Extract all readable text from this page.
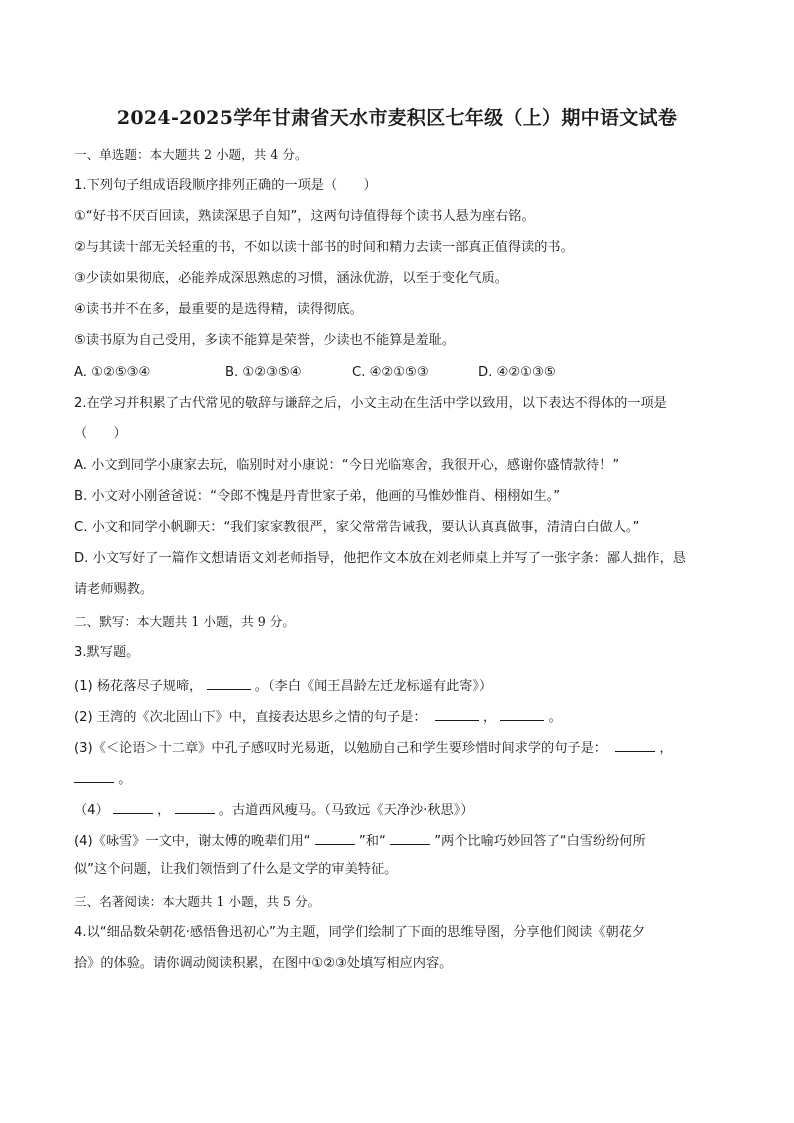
2024-2025学年甘肃省天水市麦积区七年级（上）期中语文试卷
一、单选题：本大题共 2 小题，共 4 分。
1.下列句子组成语段顺序排列正确的一项是（　　）
①“好书不厌百回读，熟读深思子自知”，这两句诗值得每个读书人悬为座右铭。
②与其读十部无关轻重的书，不如以读十部书的时间和精力去读一部真正值得读的书。
③少读如果彻底，必能养成深思熟虑的习惯，涵泳优游，以至于变化气质。
④读书并不在多，最重要的是选得精，读得彻底。
⑤读书原为自己受用，多读不能算是荣誉，少读也不能算是羞耻。
A. ①②⑤③④	B. ①②③⑤④	C. ④②①⑤③	D. ④②①③⑤
2.在学习并积累了古代常见的敬辞与谦辞之后，小文主动在生活中学以致用，以下表达不得体的一项是
（　　）
A. 小文到同学小康家去玩，临别时对小康说：“今日光临寒舍，我很开心，感谢你盛情款待！”
B. 小文对小刚爸爸说：“令郎不愧是丹青世家子弟，他画的马惟妙惟肖、栩栩如生。”
C. 小文和同学小帆聊天：“我们家家教很严，家父常常告诫我，要认认真真做事，清清白白做人。”
D. 小文写好了一篇作文想请语文刘老师指导，他把作文本放在刘老师桌上并写了一张字条：鄙人拙作，恳
请老师赐教。
二、默写：本大题共 1 小题，共 9 分。
3.默写题。
(1) 杨花落尽子规啼，	。（李白《闻王昌龄左迁龙标遥有此寄》）
(2) 王湾的《次北固山下》中，直接表达思乡之情的句子是：	，	。
(3)《＜论语＞十二章》中孔子感叹时光易逝，以勉励自己和学生要珍惜时间求学的句子是：	，
。
（4）	，	。古道西风瘦马。（马致远《天净沙·秋思》）
(4)《咏雪》一文中，谢太傅的晚辈们用“	”和“	”两个比喻巧妙回答了“白雪纷纷何所
似”这个问题，让我们领悟到了什么是文学的审美特征。
三、名著阅读：本大题共 1 小题，共 5 分。
4.以“细品数朵朝花·感悟鲁迅初心”为主题，同学们绘制了下面的思维导图，分享他们阅读《朝花夕
拾》的体验。请你调动阅读积累，在图中①②③处填写相应内容。
